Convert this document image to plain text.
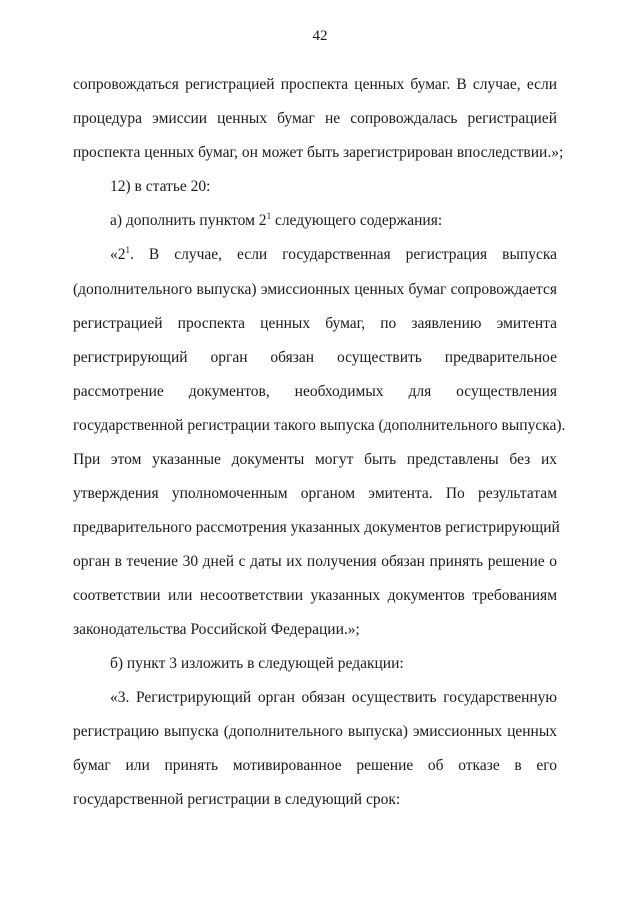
42
сопровождаться регистрацией проспекта ценных бумаг. В случае, если
процедура эмиссии ценных бумаг не сопровождалась регистрацией
проспекта ценных бумаг, он может быть зарегистрирован впоследствии.»;
12) в статье 20:
а) дополнить пунктом $2^1$ следующего содержания:
«$2^1$. В случае, если государственная регистрация выпуска
(дополнительного выпуска) эмиссионных ценных бумаг сопровождается
регистрацией проспекта ценных бумаг, по заявлению эмитента
регистрирующий орган обязан осуществить предварительное
рассмотрение документов, необходимых для осуществления
государственной регистрации такого выпуска (дополнительного выпуска).
При этом указанные документы могут быть представлены без их
утверждения уполномоченным органом эмитента. По результатам
предварительного рассмотрения указанных документов регистрирующий
орган в течение 30 дней с даты их получения обязан принять решение о
соответствии или несоответствии указанных документов требованиям
законодательства Российской Федерации.»;
б) пункт 3 изложить в следующей редакции:
«3. Регистрирующий орган обязан осуществить государственную
регистрацию выпуска (дополнительного выпуска) эмиссионных ценных
бумаг или принять мотивированное решение об отказе в его
государственной регистрации в следующий срок:
